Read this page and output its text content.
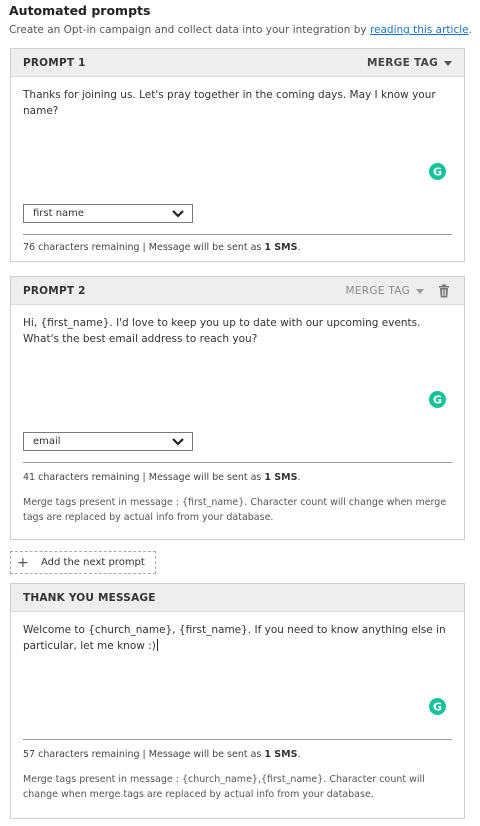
Automated prompts
Create an Opt-in campaign and collect data into your integration by reading this article.
PROMPT 1	MERGE TAG
Thanks for joining us. Let's pray together in the coming days. May I know your name?
G
first name
76 characters remaining | Message will be sent as 1 SMS.
PROMPT 2	MERGE TAG
Hi, {first_name}. I'd love to keep you up to date with our upcoming events. What's the best email address to reach you?
G
email
41 characters remaining | Message will be sent as 1 SMS.
Merge tags present in message : {first_name}. Character count will change when merge tags are replaced by actual info from your database.
+ Add the next prompt
THANK YOU MESSAGE
Welcome to {church_name}, {first_name}. If you need to know anything else in particular, let me know :)
G
57 characters remaining | Message will be sent as 1 SMS.
Merge tags present in message : {church_name},{first_name}. Character count will change when merge tags are replaced by actual info from your database.
